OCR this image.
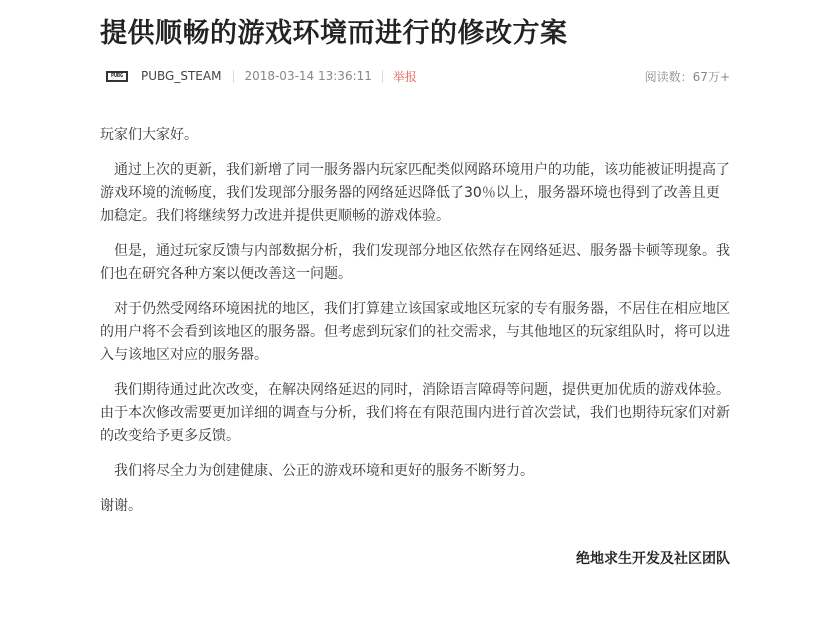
提供顺畅的游戏环境而进行的修改方案
PUBG	PUBG_STEAM 2018-03-14 13:36:11 举报	阅读数：67万+

玩家们大家好。

通过上次的更新，我们新增了同一服务器内玩家匹配类似网路环境用户的功能，该功能被证明提高了游戏环境的流畅度，我们发现部分服务器的网络延迟降低了30％以上，服务器环境也得到了改善且更加稳定。我们将继续努力改进并提供更顺畅的游戏体验。

但是，通过玩家反馈与内部数据分析，我们发现部分地区依然存在网络延迟、服务器卡顿等现象。我们也在研究各种方案以便改善这一问题。

对于仍然受网络环境困扰的地区，我们打算建立该国家或地区玩家的专有服务器，不居住在相应地区的用户将不会看到该地区的服务器。但考虑到玩家们的社交需求，与其他地区的玩家组队时，将可以进入与该地区对应的服务器。

我们期待通过此次改变，在解决网络延迟的同时，消除语言障碍等问题，提供更加优质的游戏体验。由于本次修改需要更加详细的调查与分析，我们将在有限范围内进行首次尝试，我们也期待玩家们对新的改变给予更多反馈。

我们将尽全力为创建健康、公正的游戏环境和更好的服务不断努力。

谢谢。

绝地求生开发及社区团队
